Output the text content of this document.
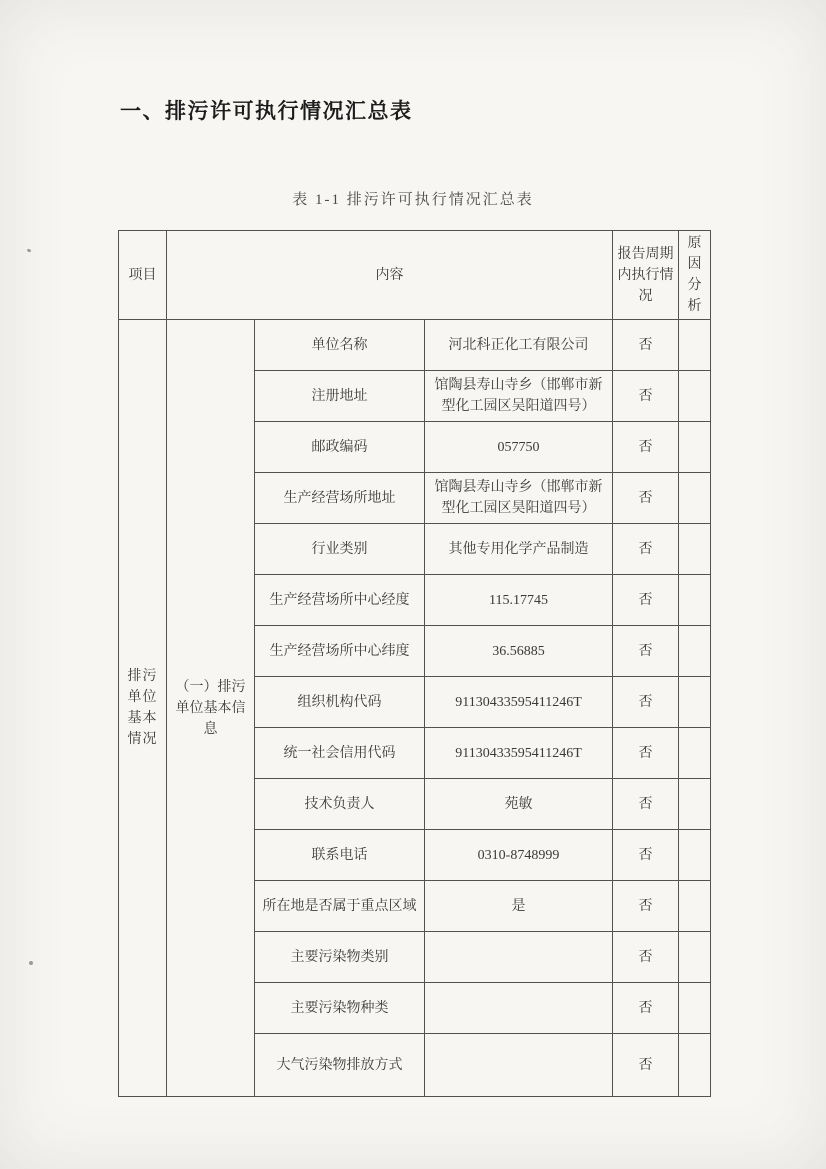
一、排污许可执行情况汇总表
表 1-1 排污许可执行情况汇总表
项目	内容			报告周期内执行情况	原因分析
排污单位基本情况	（一）排污单位基本信息	单位名称	河北科正化工有限公司	否	
		注册地址	馆陶县寿山寺乡（邯郸市新型化工园区吴阳道四号）	否	
		邮政编码	057750	否	
		生产经营场所地址	馆陶县寿山寺乡（邯郸市新型化工园区昊阳道四号）	否	
		行业类别	其他专用化学产品制造	否	
		生产经营场所中心经度	115.17745	否	
		生产经营场所中心纬度	36.56885	否	
		组织机构代码	91130433595411246T	否	
		统一社会信用代码	91130433595411246T	否	
		技术负责人	苑敏	否	
		联系电话	0310-8748999	否	
		所在地是否属于重点区域	是	否	
		主要污染物类别		否	
		主要污染物种类		否	
		大气污染物排放方式		否	
